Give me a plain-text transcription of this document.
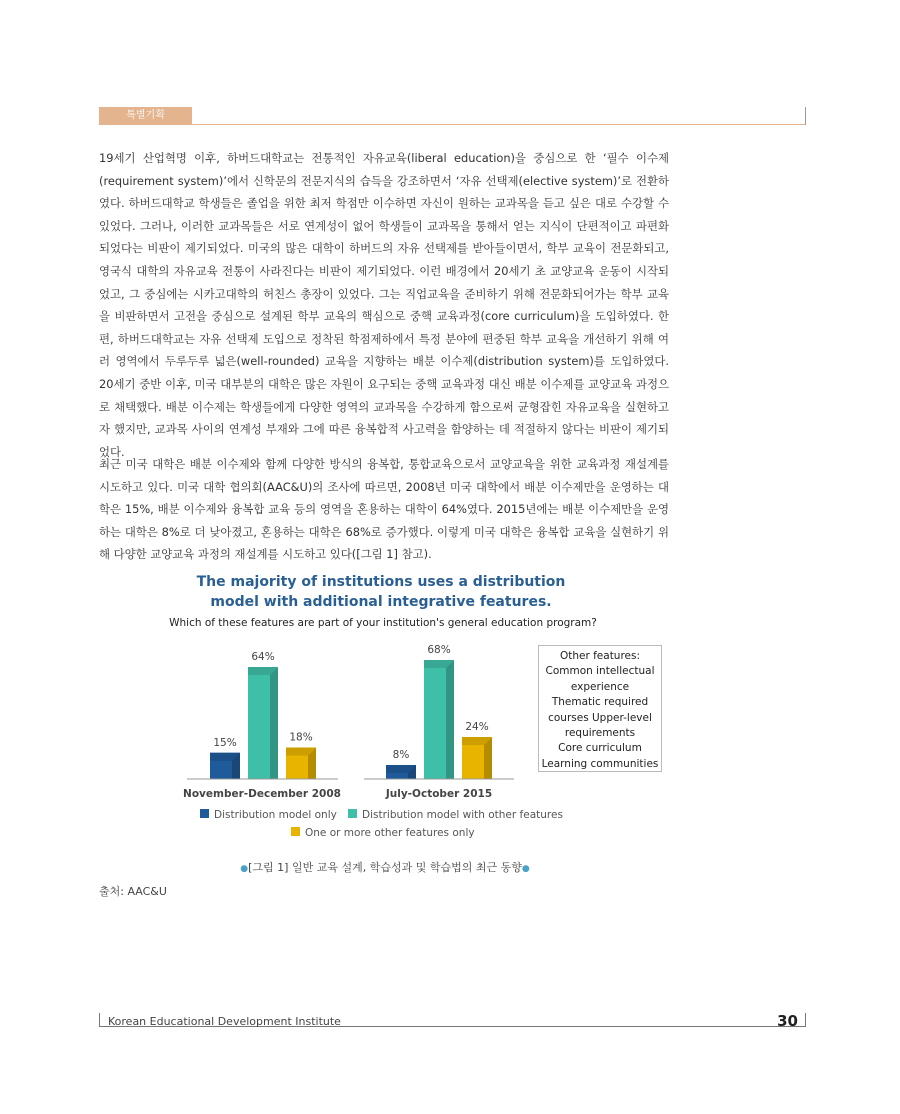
특별기획

19세기 산업혁명 이후, 하버드대학교는 전통적인 자유교육(liberal education)을 중심으로 한 ‘필수 이수제(requirement system)’에서 신학문의 전문지식의 습득을 강조하면서 ‘자유 선택제(elective system)’로 전환하였다. 하버드대학교 학생들은 졸업을 위한 최저 학점만 이수하면 자신이 원하는 교과목을 듣고 싶은 대로 수강할 수 있었다. 그러나, 이러한 교과목들은 서로 연계성이 없어 학생들이 교과목을 통해서 얻는 지식이 단편적이고 파편화되었다는 비판이 제기되었다. 미국의 많은 대학이 하버드의 자유 선택제를 받아들이면서, 학부 교육이 전문화되고, 영국식 대학의 자유교육 전통이 사라진다는 비판이 제기되었다. 이런 배경에서 20세기 초 교양교육 운동이 시작되었고, 그 중심에는 시카고대학의 허친스 총장이 있었다. 그는 직업교육을 준비하기 위해 전문화되어가는 학부 교육을 비판하면서 고전을 중심으로 설계된 학부 교육의 핵심으로 중핵 교육과정(core curriculum)을 도입하였다. 한편, 하버드대학교는 자유 선택제 도입으로 정착된 학점제하에서 특정 분야에 편중된 학부 교육을 개선하기 위해 여러 영역에서 두루두루 넓은(well-rounded) 교육을 지향하는 배분 이수제(distribution system)를 도입하였다. 20세기 중반 이후, 미국 대부분의 대학은 많은 자원이 요구되는 중핵 교육과정 대신 배분 이수제를 교양교육 과정으로 채택했다. 배분 이수제는 학생들에게 다양한 영역의 교과목을 수강하게 함으로써 균형잡힌 자유교육을 실현하고자 했지만, 교과목 사이의 연계성 부재와 그에 따른 융복합적 사고력을 함양하는 데 적절하지 않다는 비판이 제기되었다.

최근 미국 대학은 배분 이수제와 함께 다양한 방식의 융복합, 통합교육으로서 교양교육을 위한 교육과정 재설계를 시도하고 있다. 미국 대학 협의회(AAC&U)의 조사에 따르면, 2008년 미국 대학에서 배분 이수제만을 운영하는 대학은 15%, 배분 이수제와 융복합 교육 등의 영역을 혼용하는 대학이 64%였다. 2015년에는 배분 이수제만을 운영하는 대학은 8%로 더 낮아졌고, 혼용하는 대학은 68%로 증가했다. 이렇게 미국 대학은 융복합 교육을 실현하기 위해 다양한 교양교육 과정의 재설계를 시도하고 있다([그림 1] 참고).

The majority of institutions uses a distribution
model with additional integrative features.
Which of these features are part of your institution's general education program?
15%
64%
18%
November-December 2008
8%
68%
24%
July-October 2015
Distribution model only Distribution model with other features
One or more other features only
Other features:
Common intellectual
experience
Thematic required
courses Upper-level
requirements
Core curriculum
Learning communities
●[그림 1] 일반 교육 설계, 학습성과 및 학습법의 최근 동향●
출처: AAC&U
Korean Educational Development Institute	30
